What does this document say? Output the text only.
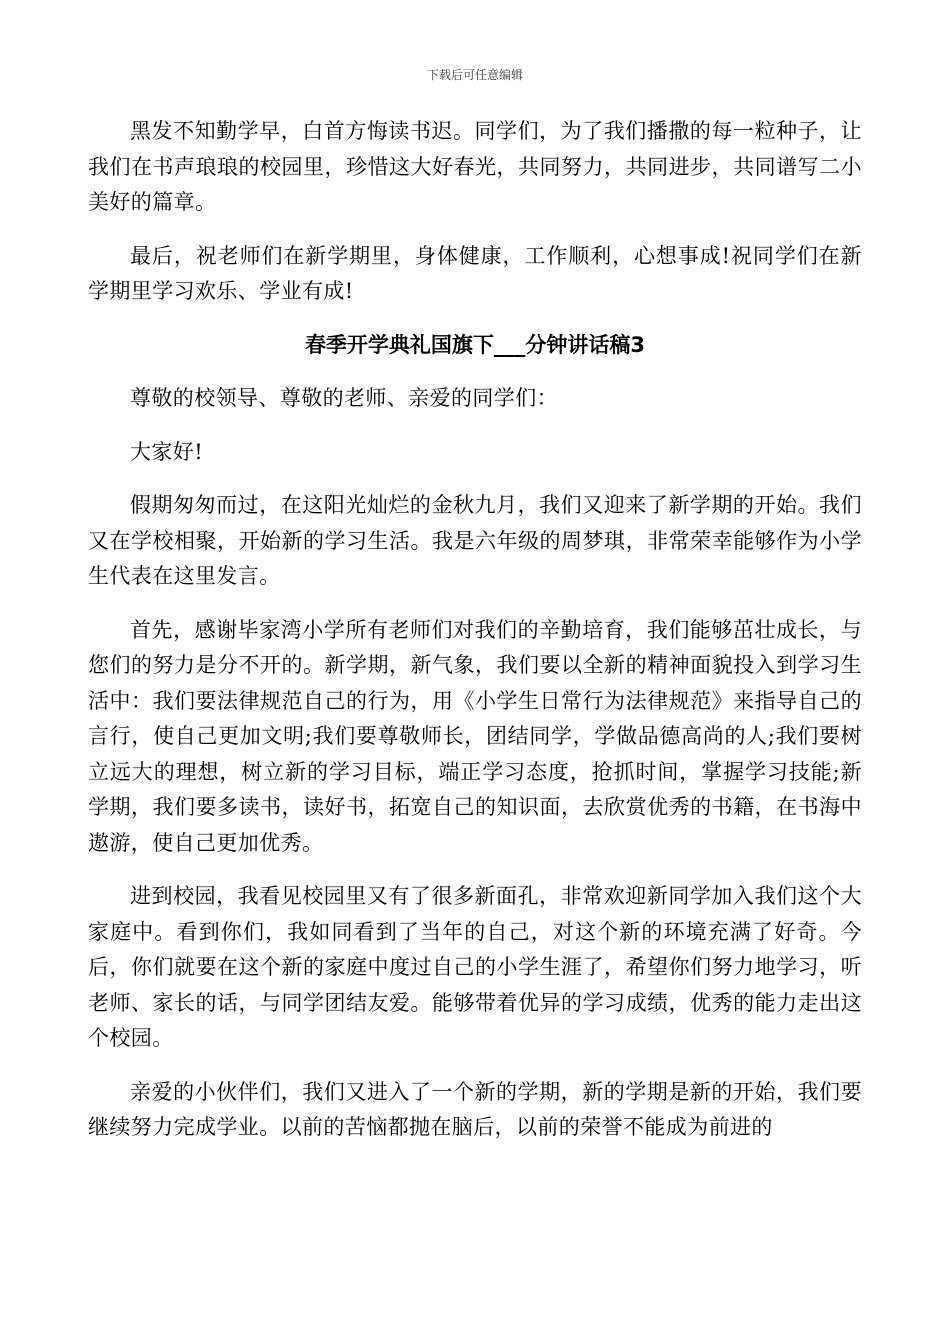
下载后可任意编辑

黑发不知勤学早，白首方悔读书迟。同学们，为了我们播撒的每一粒种子，让我们在书声琅琅的校园里，珍惜这大好春光，共同努力，共同进步，共同谱写二小美好的篇章。

最后，祝老师们在新学期里，身体健康，工作顺利，心想事成!祝同学们在新学期里学习欢乐、学业有成!

春季开学典礼国旗下___分钟讲话稿3

尊敬的校领导、尊敬的老师、亲爱的同学们：

大家好!

假期匆匆而过，在这阳光灿烂的金秋九月，我们又迎来了新学期的开始。我们又在学校相聚，开始新的学习生活。我是六年级的周梦琪，非常荣幸能够作为小学生代表在这里发言。

首先，感谢毕家湾小学所有老师们对我们的辛勤培育，我们能够茁壮成长，与您们的努力是分不开的。新学期，新气象，我们要以全新的精神面貌投入到学习生活中：我们要法律规范自己的行为，用《小学生日常行为法律规范》来指导自己的言行，使自己更加文明;我们要尊敬师长，团结同学，学做品德高尚的人;我们要树立远大的理想，树立新的学习目标，端正学习态度，抢抓时间，掌握学习技能;新学期，我们要多读书，读好书，拓宽自己的知识面，去欣赏优秀的书籍，在书海中遨游，使自己更加优秀。

进到校园，我看见校园里又有了很多新面孔，非常欢迎新同学加入我们这个大家庭中。看到你们，我如同看到了当年的自己，对这个新的环境充满了好奇。今后，你们就要在这个新的家庭中度过自己的小学生涯了，希望你们努力地学习，听老师、家长的话，与同学团结友爱。能够带着优异的学习成绩，优秀的能力走出这个校园。

亲爱的小伙伴们，我们又进入了一个新的学期，新的学期是新的开始，我们要继续努力完成学业。以前的苦恼都抛在脑后，以前的荣誉不能成为前进的
